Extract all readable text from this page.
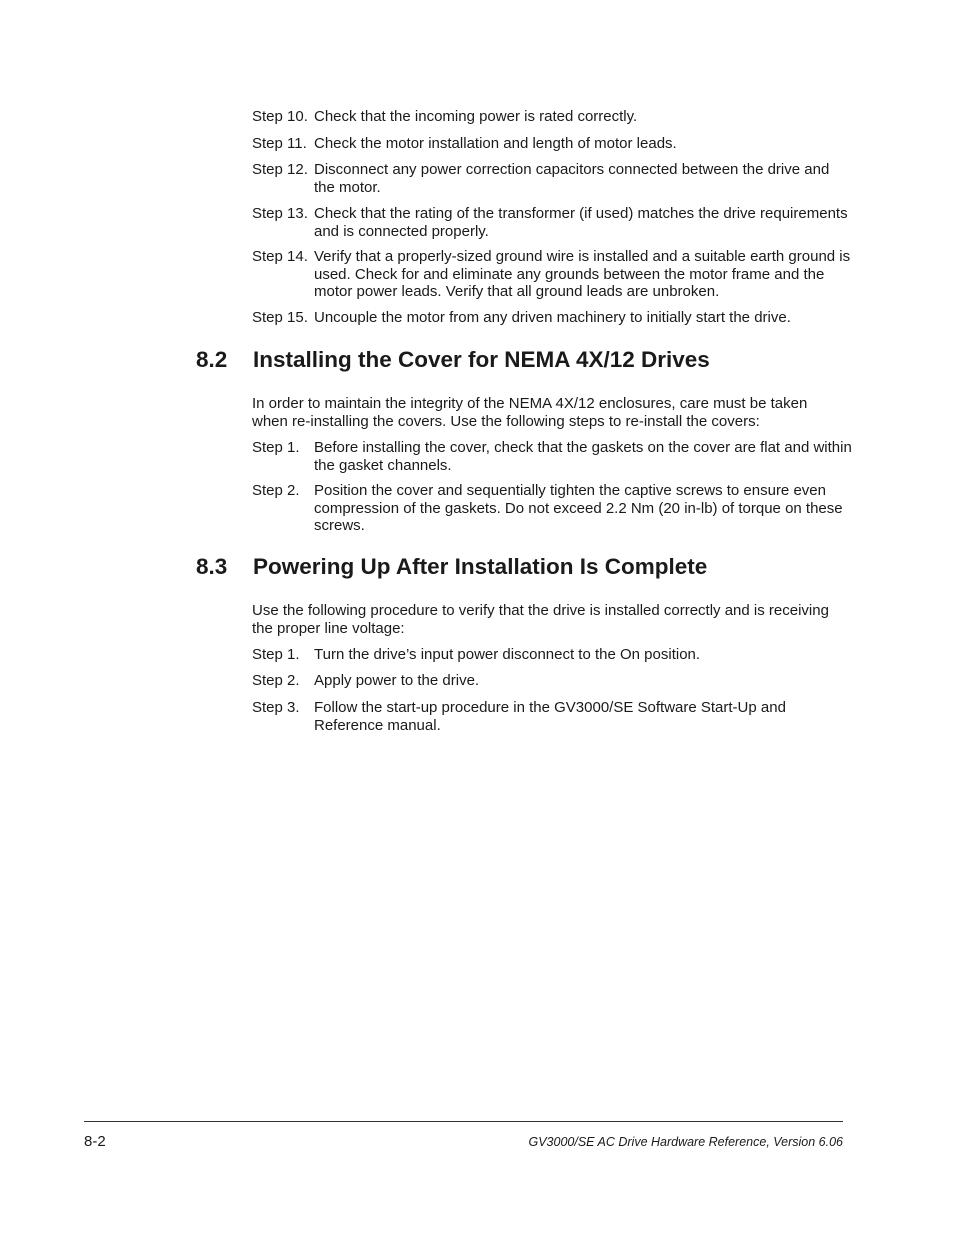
Step 10. Check that the incoming power is rated correctly.
Step 11. Check the motor installation and length of motor leads.
Step 12. Disconnect any power correction capacitors connected between the drive and the motor.
Step 13. Check that the rating of the transformer (if used) matches the drive requirements and is connected properly.
Step 14. Verify that a properly-sized ground wire is installed and a suitable earth ground is used. Check for and eliminate any grounds between the motor frame and the motor power leads. Verify that all ground leads are unbroken.
Step 15. Uncouple the motor from any driven machinery to initially start the drive.
8.2	Installing the Cover for NEMA 4X/12 Drives
In order to maintain the integrity of the NEMA 4X/12 enclosures, care must be taken when re-installing the covers. Use the following steps to re-install the covers:
Step 1. Before installing the cover, check that the gaskets on the cover are flat and within the gasket channels.
Step 2. Position the cover and sequentially tighten the captive screws to ensure even compression of the gaskets. Do not exceed 2.2 Nm (20 in-lb) of torque on these screws.
8.3	Powering Up After Installation Is Complete
Use the following procedure to verify that the drive is installed correctly and is receiving the proper line voltage:
Step 1. Turn the drive’s input power disconnect to the On position.
Step 2. Apply power to the drive.
Step 3. Follow the start-up procedure in the GV3000/SE Software Start-Up and Reference manual.
8-2	GV3000/SE AC Drive Hardware Reference, Version 6.06
